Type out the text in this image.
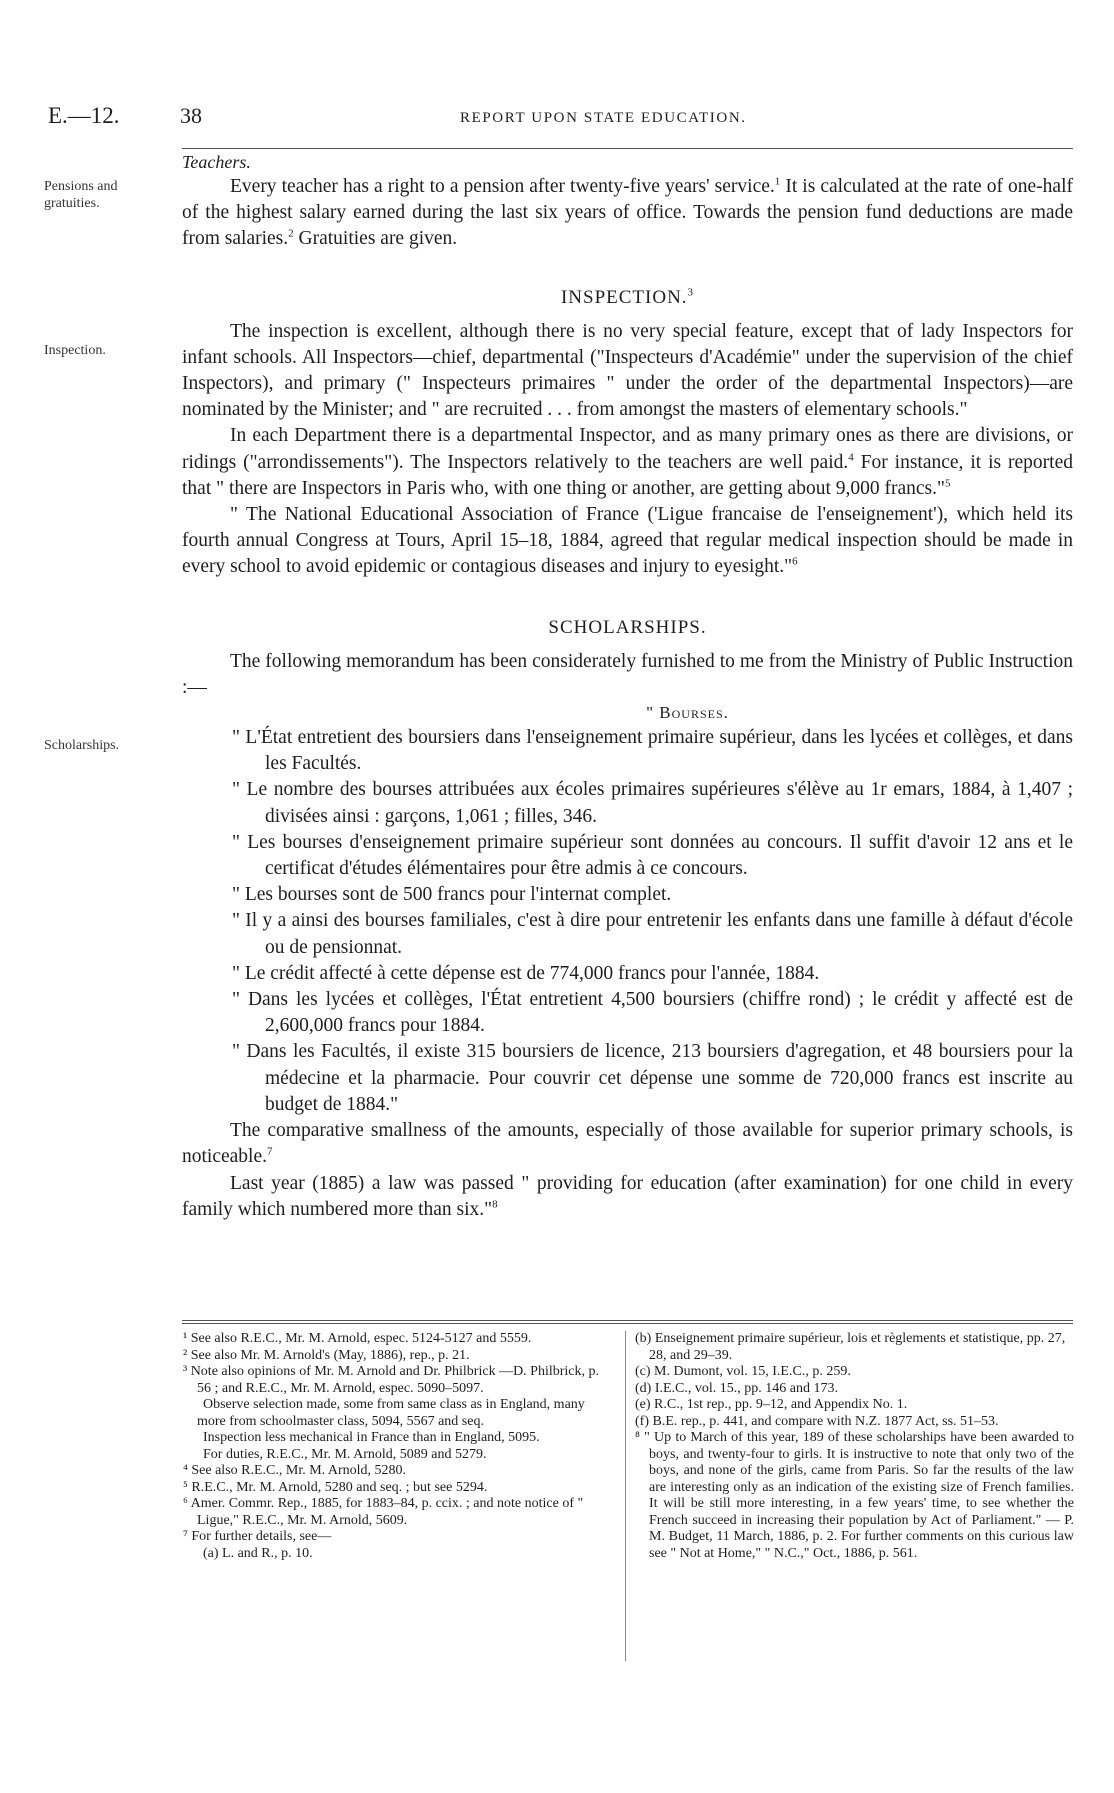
E.—12.	38	REPORT UPON STATE EDUCATION.
Pensions and
gratuities.
Inspection.
Scholarships.
Teachers.

Every teacher has a right to a pension after twenty-five years' service.$^1$ It is calculated at the rate of one-half of the highest salary earned during the last six years of office. Towards the pension fund deductions are made from salaries.$^2$ Gratuities are given.

INSPECTION.$^3$

The inspection is excellent, although there is no very special feature, except that of lady Inspectors for infant schools. All Inspectors—chief, departmental ("Inspecteurs d'Académie" under the supervision of the chief Inspectors), and primary (" Inspecteurs primaires " under the order of the departmental Inspectors)—are nominated by the Minister; and " are recruited . . . from amongst the masters of elementary schools."

In each Department there is a departmental Inspector, and as many primary ones as there are divisions, or ridings ("arrondissements"). The Inspectors relatively to the teachers are well paid.$^4$ For instance, it is reported that " there are Inspectors in Paris who, with one thing or another, are getting about 9,000 francs."$^5$

" The National Educational Association of France ('Ligue francaise de l'enseignement'), which held its fourth annual Congress at Tours, April 15–18, 1884, agreed that regular medical inspection should be made in every school to avoid epidemic or contagious diseases and injury to eyesight."$^6$

SCHOLARSHIPS.

The following memorandum has been considerately furnished to me from the Ministry of Public Instruction :—

" Bourses.

" L'État entretient des boursiers dans l'enseignement primaire supérieur, dans les lycées et collèges, et dans les Facultés.

" Le nombre des bourses attribuées aux écoles primaires supérieures s'élève au 1r emars, 1884, à 1,407 ; divisées ainsi : garçons, 1,061 ; filles, 346.

" Les bourses d'enseignement primaire supérieur sont données au concours. Il suffit d'avoir 12 ans et le certificat d'études élémentaires pour être admis à ce concours.

" Les bourses sont de 500 francs pour l'internat complet.

" Il y a ainsi des bourses familiales, c'est à dire pour entretenir les enfants dans une famille à défaut d'école ou de pensionnat.

" Le crédit affecté à cette dépense est de 774,000 francs pour l'année, 1884.

" Dans les lycées et collèges, l'État entretient 4,500 boursiers (chiffre rond) ; le crédit y affecté est de 2,600,000 francs pour 1884.

" Dans les Facultés, il existe 315 boursiers de licence, 213 boursiers d'agregation, et 48 boursiers pour la médecine et la pharmacie. Pour couvrir cet dépense une somme de 720,000 francs est inscrite au budget de 1884."

The comparative smallness of the amounts, especially of those available for superior primary schools, is noticeable.$^7$

Last year (1885) a law was passed " providing for education (after examination) for one child in every family which numbered more than six."$^8$

¹ See also R.E.C., Mr. M. Arnold, espec. 5124-5127 and 5559.

² See also Mr. M. Arnold's (May, 1886), rep., p. 21.

³ Note also opinions of Mr. M. Arnold and Dr. Philbrick —D. Philbrick, p. 56 ; and R.E.C., Mr. M. Arnold, espec. 5090–5097.

Observe selection made, some from same class as in England, many more from schoolmaster class, 5094, 5567 and seq.

Inspection less mechanical in France than in England, 5095.

For duties, R.E.C., Mr. M. Arnold, 5089 and 5279.

⁴ See also R.E.C., Mr. M. Arnold, 5280.

⁵ R.E.C., Mr. M. Arnold, 5280 and seq. ; but see 5294.

⁶ Amer. Commr. Rep., 1885, for 1883–84, p. ccix. ; and note notice of " Ligue," R.E.C., Mr. M. Arnold, 5609.

⁷ For further details, see—

(a) L. and R., p. 10.

(b) Enseignement primaire supérieur, lois et règlements et statistique, pp. 27, 28, and 29–39.

(c) M. Dumont, vol. 15, I.E.C., p. 259.

(d) I.E.C., vol. 15., pp. 146 and 173.

(e) R.C., 1st rep., pp. 9–12, and Appendix No. 1.

(f) B.E. rep., p. 441, and compare with N.Z. 1877 Act, ss. 51–53.

⁸ " Up to March of this year, 189 of these scholarships have been awarded to boys, and twenty-four to girls. It is instructive to note that only two of the boys, and none of the girls, came from Paris. So far the results of the law are interesting only as an indication of the existing size of French families. It will be still more interesting, in a few years' time, to see whether the French succeed in increasing their population by Act of Parliament." — P. M. Budget, 11 March, 1886, p. 2. For further comments on this curious law see " Not at Home," " N.C.," Oct., 1886, p. 561.
